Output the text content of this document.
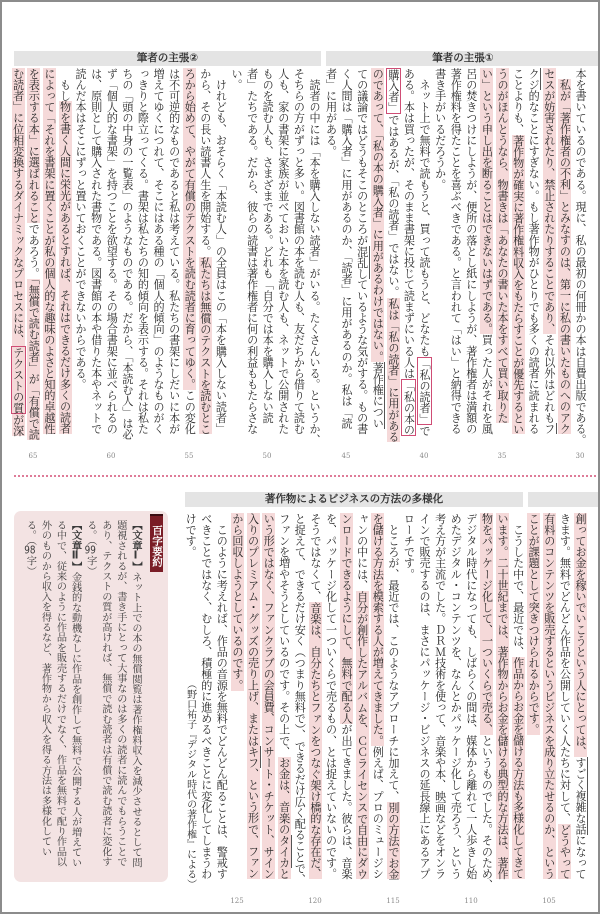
筆者の主張②	筆者の主張①
本を書いているのである。現に、私の最初の何冊かの本は自費出版である。
　私が「著作権者の不利」とみなすのは、第一に私の書いたものへのアク
セスが妨害されたり、禁止されたりすることであり、それ以外はどれもフ
クジ的なことにすぎない。もし著作物がひとりでも多くの読者に読まれる
ことよりも、著作物が確実に著作権料収入をもたらすことが優先するとい
うのがほんとうなら、物書きは「あなたの書いた本をすべて買い取りた
い」という申し出を断ることはできないはずである。買った人がそれを風
呂の焚きつけにしようが、便所の落とし紙にしようが、著作権者は満額の
著作権料を得たことを喜ぶべきである。と言われて「はい」と納得できる
書き手がいるだろうか。
　ネット上で無料で読もうと、買って読もうと、どなたも「私の読者」で
ある。本は買ったが、そのまま書架に投じて読まずにいる人は「私の本の
購入者」ではあるが、「私の読者」ではない。私は「私の読者」に用がある
のであって、「私の本の購入者」に用があるわけではない。著作権につい
ての議論ではどうもそこのところが混乱しているような気がする。もの書
く人間は「購入者」に用があるのか、「読者」に用があるのか。私は「読
者」に用がある。
　読者の中には「本を購入しない読者」がいる。たくさんいる。というか、
そちらの方がずっと多い。図書館の本を読む人も、友だちから借りて読む
人も、家の書架に家族が並べておいた本を読む人も、ネットで公開された
ものを読む人も、さまざまである。どれも「自分では本を購入しない読
者」たちである。だから、彼らの読書は著作権者に何の利益ももたらさな
い。
　けれども、おそらく「本読む人」の全員はこの「本を購入しない読者」
から、その長い読書人生を開始する。私たちは無償のテクストを読むとこ
ろから始めて、やがて有償のテクストを読む読者に育ってゆく。この変化
は不可逆的なものであると私は考えている。私たちの書架にしだいに本が
増えてゆくにつれて、そこにはある種の「個人的傾向」のようなものがく
っきりと際立ってくる。書架は私たちの知的傾向を表示する。それは私た
ちの「頭の中身の一覧表」のようなものである。だから、「本読む人」は必
ず「個人的な書架」を持つことを欲望する。その場合書架に並べられるの
は、原則として購入された書物である。図書館の本や借りた本やネットで
読んだ本はそこにずっと置いておくことができないからである。
　もし物を書く人間に栄光があるとすれば、それはできるだけ多くの読者
によって「それを書架に置くことが私の個人的な趣味のよさと知的卓越性
を表示する本」に選ばれることであろう。「無償で読む読者」が「有償で読
む読者」に位相変換するダイナミックなプロセスには、テクストの質が深
30
35
40
45
50
55
60
65
著作物によるビジネスの方法の多様化
創ってお金を稼いでいこうという人にとっては、すごく複雑な話になって
きます。無料でどんどん作品を公開していく人たちに対して、どうやって
有料のコンテンツを販売するというビジネスを成り立たせるのか、という
ことが課題として突きつけられるからです。
　こうした中で、最近では、作品からお金を儲ける方法も多様化してきて
います。二十世紀までは、著作物からお金を儲ける典型的な方法は、著作
物をパッケージ化して、一ついくらで売る、というものでした。そのため、
デジタル時代になっても、しばらくの間は、媒体から離れて一人歩きし始
めたデジタル・コンテンツを、なんとかパッケージ化して売ろう、という
考え方が主流でした。ＤＲＭ技術を使って、音楽や本、映画などをオンラ
インで販売するのは、まさにパッケージ・ビジネスの延長線上にあるアプ
ローチです。
　ところが、最近では、このようなアプローチに加えて、別の方法でお金
を儲ける方法を模索する人が増えてきました。例えば、プロのミュージシ
ャンの中には、自分が創作したアルバムを、ＣＣライセンスで自由にダウ
ンロードできるようにして、無料で配る人が出てきました。彼らは、音楽
を、パッケージ化して一ついくらで売るもの、とは捉えていないのです。
そうではなくて、音楽は、自分たちとファンをつなぐ架け橋的な存在だ、
と捉えて、できるだけ安く（つまり無料で）、できるだけ広く配ることで、
ファンを増やそうとしているのです。その上で、お金は、音楽のタイカと
いう形ではなく、ファンクラブの会員費、コンサート・チケット、サイン
入りのプレミアム・グッズの売り上げ、またはキフ、という形で、ファン
から回収しようとしているのです。
　このように考えれば、作品の音源を無料でどんどん配ることは、警戒す
べきことではなく、むしろ、積極的に進めるべきことに変化してしまうわ
けです。
（野口祐子『デジタル時代の著作権』による）
105
110
115
120
125
百字要約
【文章Ⅰ】ネット上での本の無償閲覧は著作権料収入を減少させるとして問
題視されるが、書き手にとって大事なのは多くの読者に読んでもらうことで
あり、テクストの質が高ければ、無償で読む読者は有償で読む読者に変化す
る。（99字）
【文章Ⅱ】金銭的な動機なしに作品を創作して無料で公開する人が増えてい
る中で、従来のように作品を販売するだけでなく、作品を無料で配り作品以
外のものから収入を得るなど、著作物から収入を得る方法は多様化してい
る。（98字）
